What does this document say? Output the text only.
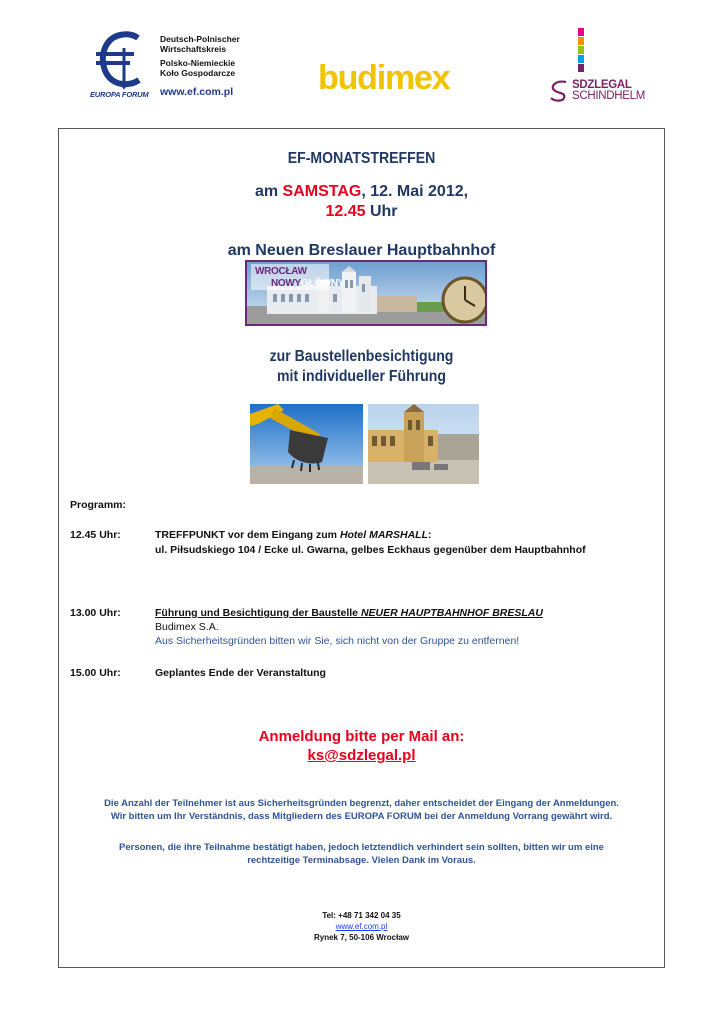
EUROPA FORUM
Deutsch-Polnischer
Wirtschaftskreis
Polsko-Niemieckie
Koło Gospodarcze
www.ef.com.pl budimex	SDZLEGAL
SCHINDHELM
EF-MONATSTREFFEN
am SAMSTAG, 12. Mai 2012,
12.45 Uhr
am Neuen Breslauer Hauptbahnhof
WROCŁAW
NOWYGŁÓWNY
zur Baustellenbesichtigung
mit individueller Führung
Programm:
12.45 Uhr:	TREFFPUNKT vor dem Eingang zum Hotel MARSHALL:
ul. Piłsudskiego 104 / Ecke ul. Gwarna, gelbes Eckhaus gegenüber dem Hauptbahnhof
13.00 Uhr:	Führung und Besichtigung der Baustelle NEUER HAUPTBAHNHOF BRESLAU
Budimex S.A.
Aus Sicherheitsgründen bitten wir Sie, sich nicht von der Gruppe zu entfernen!
15.00 Uhr:	Geplantes Ende der Veranstaltung
Anmeldung bitte per Mail an:
ks@sdzlegal.pl
Die Anzahl der Teilnehmer ist aus Sicherheitsgründen begrenzt, daher entscheidet der Eingang der Anmeldungen.
Wir bitten um Ihr Verständnis, dass Mitgliedern des EUROPA FORUM bei der Anmeldung Vorrang gewährt wird.
Personen, die ihre Teilnahme bestätigt haben, jedoch letztendlich verhindert sein sollten, bitten wir um eine
rechtzeitige Terminabsage. Vielen Dank im Voraus.
Tel: +48 71 342 04 35
www.ef.com.pl
Rynek 7, 50-106 Wrocław
